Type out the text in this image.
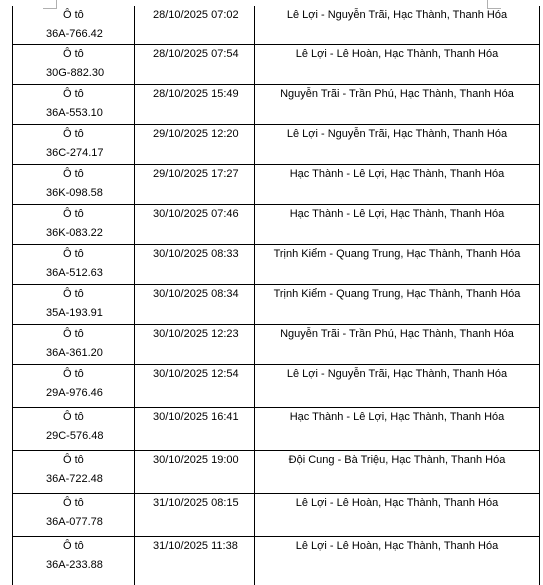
Ô tô
36A-766.42	28/10/2025 07:02	Lê Lợi - Nguyễn Trãi, Hạc Thành, Thanh Hóa

Ô tô
30G-882.30	28/10/2025 07:54	Lê Lợi - Lê Hoàn, Hạc Thành, Thanh Hóa

Ô tô
36A-553.10	28/10/2025 15:49	Nguyễn Trãi - Trần Phú, Hạc Thành, Thanh Hóa

Ô tô
36C-274.17	29/10/2025 12:20	Lê Lợi - Nguyễn Trãi, Hạc Thành, Thanh Hóa

Ô tô
36K-098.58	29/10/2025 17:27	Hạc Thành - Lê Lợi, Hạc Thành, Thanh Hóa

Ô tô
36K-083.22	30/10/2025 07:46	Hạc Thành - Lê Lợi, Hạc Thành, Thanh Hóa

Ô tô
36A-512.63	30/10/2025 08:33	Trịnh Kiểm - Quang Trung, Hạc Thành, Thanh Hóa

Ô tô
35A-193.91	30/10/2025 08:34	Trịnh Kiểm - Quang Trung, Hạc Thành, Thanh Hóa

Ô tô
36A-361.20	30/10/2025 12:23	Nguyễn Trãi - Trần Phú, Hạc Thành, Thanh Hóa

Ô tô
29A-976.46	30/10/2025 12:54	Lê Lợi - Nguyễn Trãi, Hạc Thành, Thanh Hóa

Ô tô
29C-576.48	30/10/2025 16:41	Hạc Thành - Lê Lợi, Hạc Thành, Thanh Hóa

Ô tô
36A-722.48	30/10/2025 19:00	Đội Cung - Bà Triệu, Hạc Thành, Thanh Hóa

Ô tô
36A-077.78	31/10/2025 08:15	Lê Lợi - Lê Hoàn, Hạc Thành, Thanh Hóa

Ô tô
36A-233.88	31/10/2025 11:38	Lê Lợi - Lê Hoàn, Hạc Thành, Thanh Hóa
